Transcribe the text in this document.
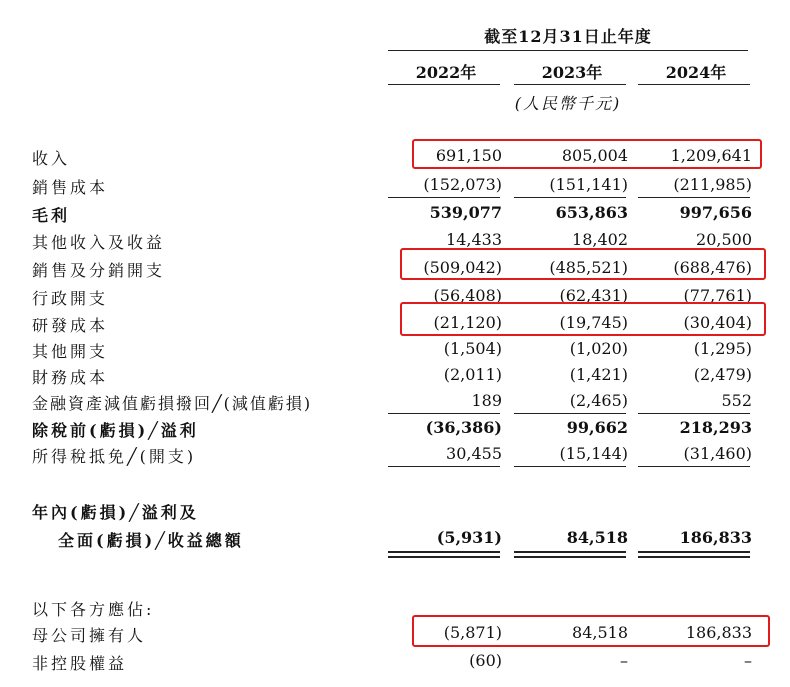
截至12月31日止年度
2022年	2023年	2024年
(人民幣千元)
收入	691,150	805,004	1,209,641
銷售成本	(152,073)	(151,141)	(211,985)
毛利	539,077	653,863	997,656
其他收入及收益	14,433	18,402	20,500
銷售及分銷開支	(509,042)	(485,521)	(688,476)
行政開支	(56,408)	(62,431)	(77,761)
研發成本	(21,120)	(19,745)	(30,404)
其他開支	(1,504)	(1,020)	(1,295)
財務成本	(2,011)	(1,421)	(2,479)
金融資產減值虧損撥回╱(減值虧損)	189	(2,465)	552
除稅前(虧損)╱溢利	(36,386)	99,662	218,293
所得稅抵免╱(開支)	30,455	(15,144)	(31,460)
年內(虧損)╱溢利及
全面(虧損)╱收益總額	(5,931)	84,518	186,833
以下各方應佔:
母公司擁有人	(5,871)	84,518	186,833
非控股權益	(60)	–	–
